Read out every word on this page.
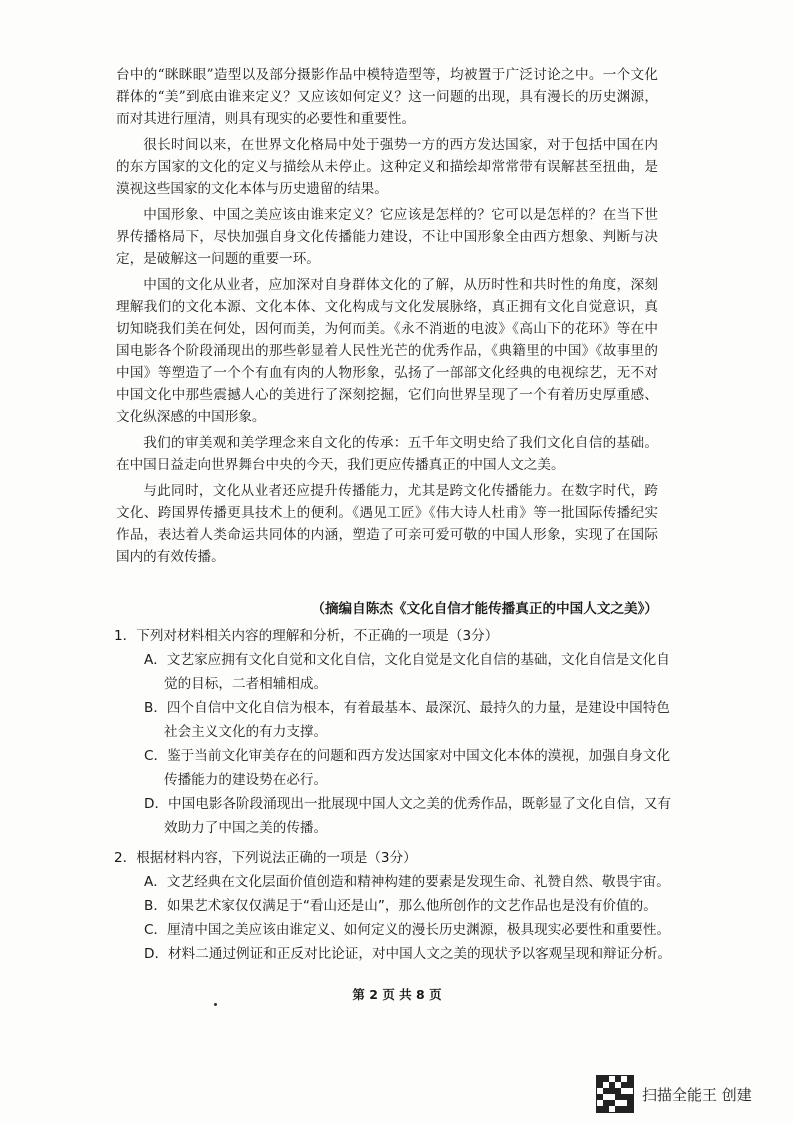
台中的“眯眯眼”造型以及部分摄影作品中模特造型等，均被置于广泛讨论之中。一个文化群体的“美”到底由谁来定义？又应该如何定义？这一问题的出现，具有漫长的历史渊源，而对其进行厘清，则具有现实的必要性和重要性。

很长时间以来，在世界文化格局中处于强势一方的西方发达国家，对于包括中国在内的东方国家的文化的定义与描绘从未停止。这种定义和描绘却常常带有误解甚至扭曲，是漠视这些国家的文化本体与历史遗留的结果。

中国形象、中国之美应该由谁来定义？它应该是怎样的？它可以是怎样的？在当下世界传播格局下，尽快加强自身文化传播能力建设，不让中国形象全由西方想象、判断与决定，是破解这一问题的重要一环。

中国的文化从业者，应加深对自身群体文化的了解，从历时性和共时性的角度，深刻理解我们的文化本源、文化本体、文化构成与文化发展脉络，真正拥有文化自觉意识，真切知晓我们美在何处，因何而美，为何而美。《永不消逝的电波》《高山下的花环》等在中国电影各个阶段涌现出的那些彰显着人民性光芒的优秀作品，《典籍里的中国》《故事里的中国》等塑造了一个个有血有肉的人物形象，弘扬了一部部文化经典的电视综艺，无不对中国文化中那些震撼人心的美进行了深刻挖掘，它们向世界呈现了一个有着历史厚重感、文化纵深感的中国形象。

我们的审美观和美学理念来自文化的传承：五千年文明史给了我们文化自信的基础。在中国日益走向世界舞台中央的今天，我们更应传播真正的中国人文之美。

与此同时，文化从业者还应提升传播能力，尤其是跨文化传播能力。在数字时代，跨文化、跨国界传播更具技术上的便利。《遇见工匠》《伟大诗人杜甫》等一批国际传播纪实作品，表达着人类命运共同体的内涵，塑造了可亲可爱可敬的中国人形象，实现了在国际国内的有效传播。

（摘编自陈杰《文化自信才能传播真正的中国人文之美》）
1．下列对材料相关内容的理解和分析，不正确的一项是（3分）
A．文艺家应拥有文化自觉和文化自信，文化自觉是文化自信的基础，文化自信是文化自觉的目标，二者相辅相成。
B．四个自信中文化自信为根本，有着最基本、最深沉、最持久的力量，是建设中国特色社会主义文化的有力支撑。
C．鉴于当前文化审美存在的问题和西方发达国家对中国文化本体的漠视，加强自身文化传播能力的建设势在必行。
D．中国电影各阶段涌现出一批展现中国人文之美的优秀作品，既彰显了文化自信，又有效助力了中国之美的传播。
2．根据材料内容，下列说法正确的一项是（3分）
A．文艺经典在文化层面价值创造和精神构建的要素是发现生命、礼赞自然、敬畏宇宙。
B．如果艺术家仅仅满足于“看山还是山”，那么他所创作的文艺作品也是没有价值的。
C．厘清中国之美应该由谁定义、如何定义的漫长历史渊源，极具现实必要性和重要性。
D．材料二通过例证和正反对比论证，对中国人文之美的现状予以客观呈现和辩证分析。
第 2 页 共 8 页
扫描全能王 创建
